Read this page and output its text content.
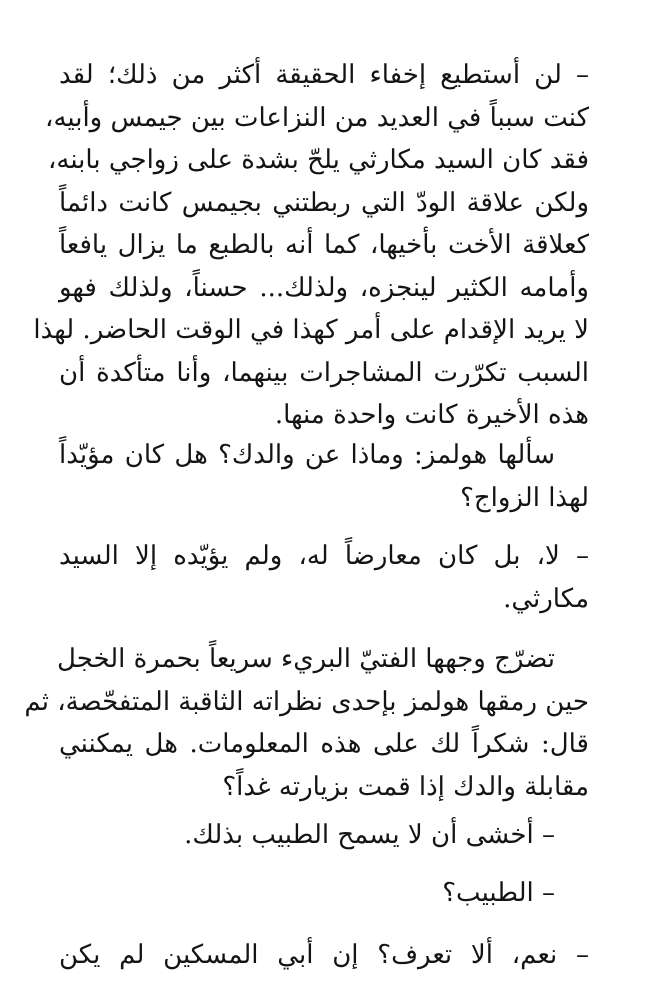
– لن أستطيع إخفاء الحقيقة أكثر من ذلك؛ لقد
كنت سبباً في العديد من النزاعات بين جيمس وأبيه،
فقد كان السيد مكارثي يلحّ بشدة على زواجي بابنه،
ولكن علاقة الودّ التي ربطتني بجيمس كانت دائماً
كعلاقة الأخت بأخيها، كما أنه بالطبع ما يزال يافعاً
وأمامه الكثير لينجزه، ولذلك... حسناً، ولذلك فهو
لا يريد الإقدام على أمر كهذا في الوقت الحاضر. لهذا
السبب تكرّرت المشاجرات بينهما، وأنا متأكدة أن
هذه الأخيرة كانت واحدة منها.
سألها هولمز: وماذا عن والدك؟ هل كان مؤيّداً
لهذا الزواج؟
– لا، بل كان معارضاً له، ولم يؤيّده إلا السيد
مكارثي.
تضرّج وجهها الفتيّ البريء سريعاً بحمرة الخجل
حين رمقها هولمز بإحدى نظراته الثاقبة المتفحّصة، ثم
قال: شكراً لك على هذه المعلومات. هل يمكنني
مقابلة والدك إذا قمت بزيارته غداً؟
– أخشى أن لا يسمح الطبيب بذلك.
– الطبيب؟
– نعم، ألا تعرف؟ إن أبي المسكين لم يكن
